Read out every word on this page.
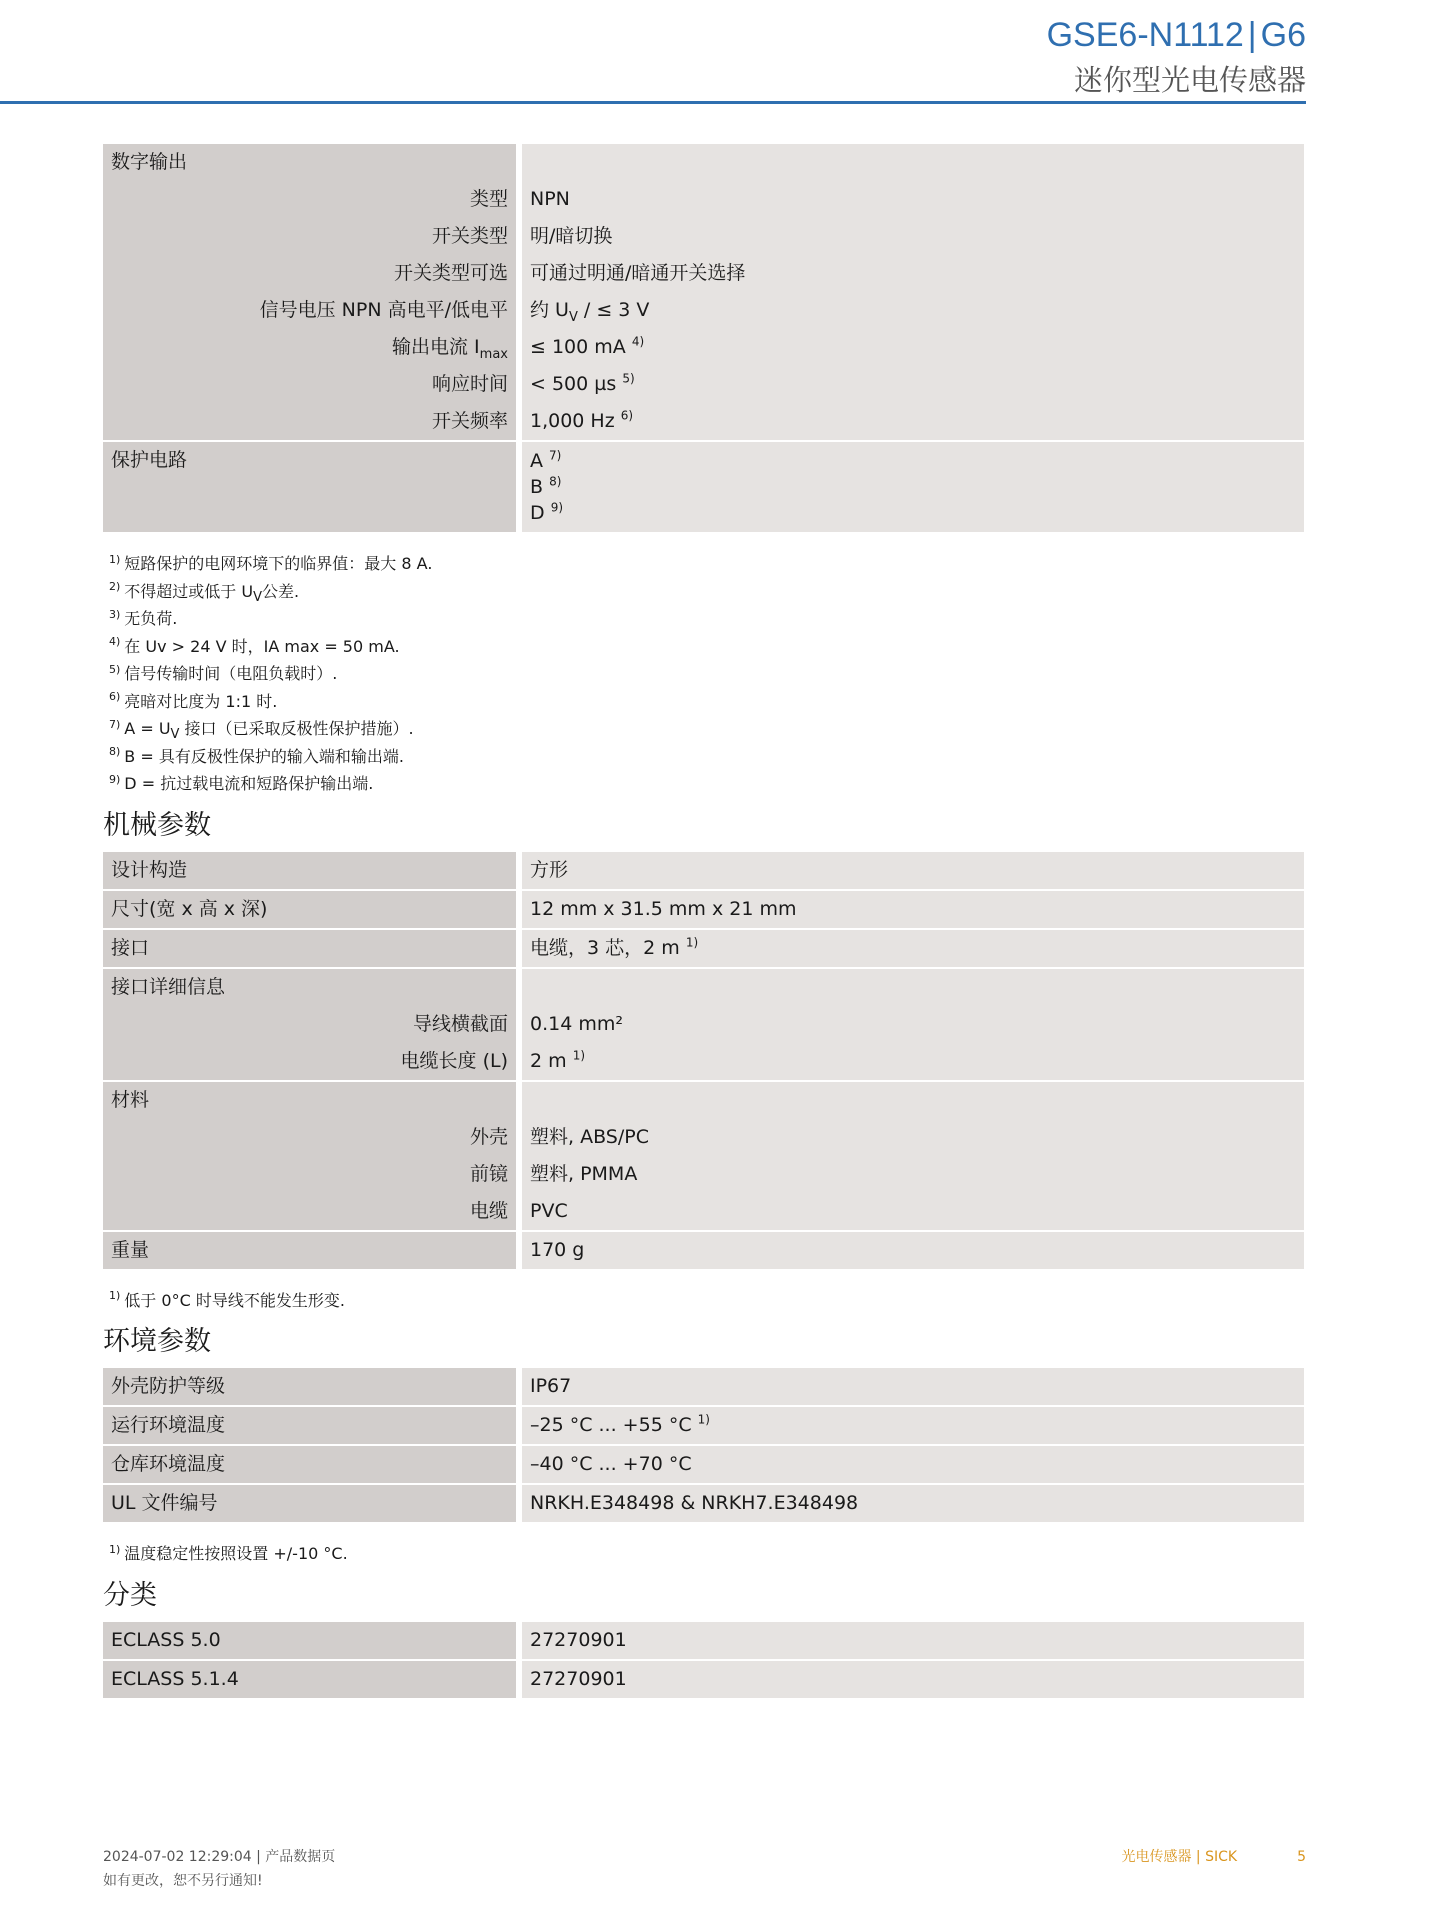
GSE6-N1112 | G6
迷你型光电传感器
数字输出	
类型	NPN
开关类型	明/暗切换
开关类型可选	可通过明通/暗通开关选择
信号电压 NPN 高电平/低电平	约 $U_V$ / ≤ 3 V
输出电流 $I_{max}$	≤ 100 mA $^{4)}$
响应时间	< 500 µs $^{5)}$
开关频率	1,000 Hz $^{6)}$
保护电路	A $^{7)}$
B $^{8)}$
D $^{9)}$
$^{1)}$ 短路保护的电网环境下的临界值：最大 8 A.
$^{2)}$ 不得超过或低于 $U_V$公差.
$^{3)}$ 无负荷.
$^{4)}$ 在 Uv > 24 V 时，IA max = 50 mA.
$^{5)}$ 信号传输时间（电阻负载时）.
$^{6)}$ 亮暗对比度为 1:1 时.
$^{7)}$ $A = U_V$ 接口（已采取反极性保护措施）.
$^{8)}$ B = 具有反极性保护的输入端和输出端.
$^{9)}$ D = 抗过载电流和短路保护输出端.
机械参数
设计构造	方形
尺寸(宽 x 高 x 深)	12 mm x 31.5 mm x 21 mm
接口	电缆，3 芯，2 m $^{1)}$
接口详细信息	
导线横截面	0.14 mm²
电缆长度 (L)	2 m $^{1)}$
材料	
外壳	塑料, ABS/PC
前镜	塑料, PMMA
电缆	PVC
重量	170 g
$^{1)}$ 低于 0°C 时导线不能发生形变.
环境参数
外壳防护等级	IP67
运行环境温度	–25 °C ... +55 °C $^{1)}$
仓库环境温度	–40 °C ... +70 °C
UL 文件编号	NRKH.E348498 & NRKH7.E348498
$^{1)}$ 温度稳定性按照设置 +/-10 °C.
分类
ECLASS 5.0	27270901
ECLASS 5.1.4	27270901
2024-07-02 12:29:04 | 产品数据页
如有更改，恕不另行通知!
光电传感器 | SICK	5
